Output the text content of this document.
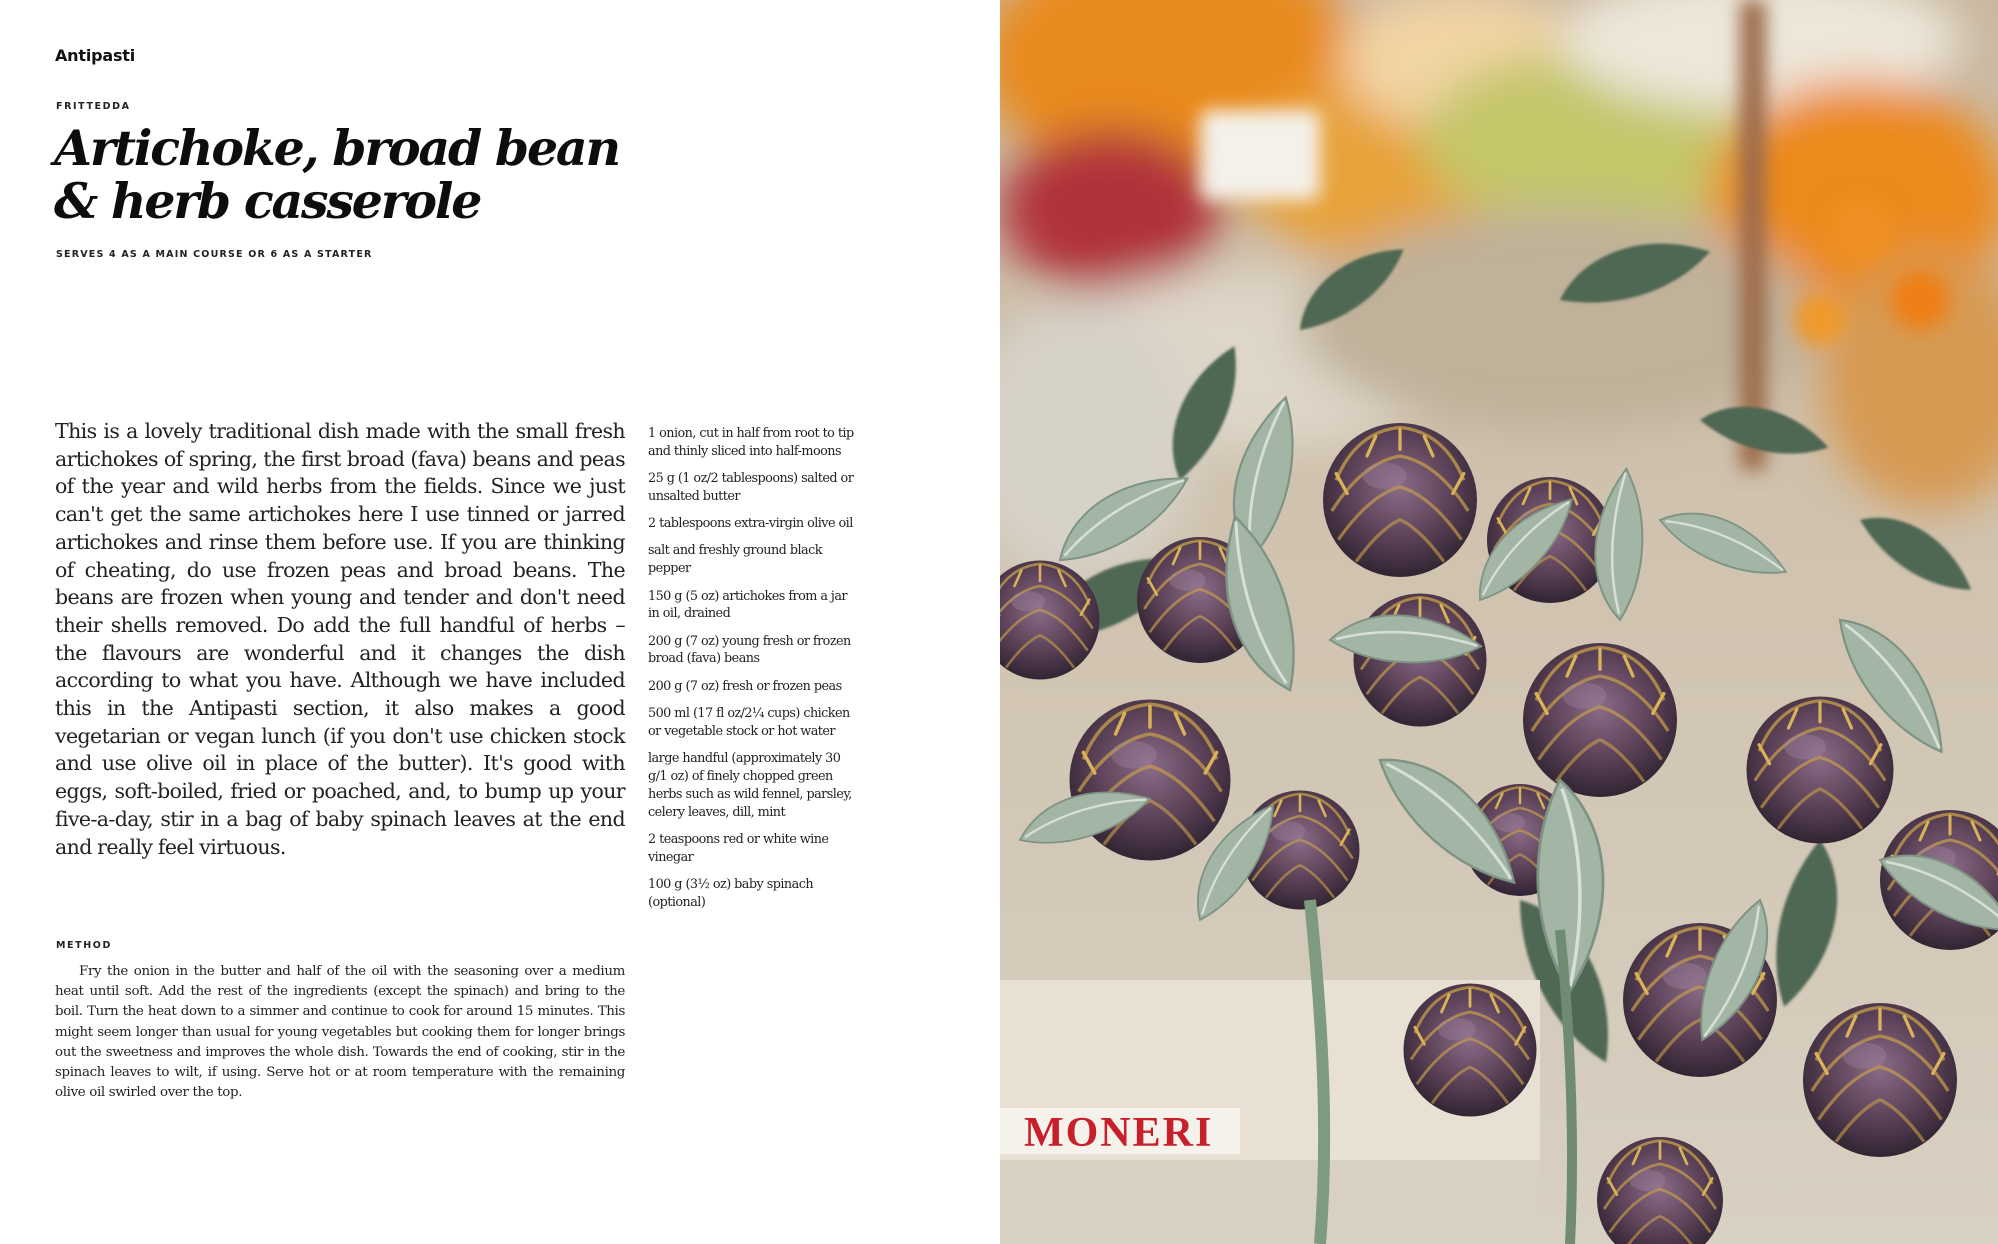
Antipasti
FRITTEDDA
Artichoke, broad bean
& herb casserole
SERVES 4 AS A MAIN COURSE OR 6 AS A STARTER

This is a lovely traditional dish made with the small fresh artichokes of spring, the first broad (fava) beans and peas of the year and wild herbs from the fields. Since we just can't get the same artichokes here I use tinned or jarred artichokes and rinse them before use. If you are thinking of cheating, do use frozen peas and broad beans. The beans are frozen when young and tender and don't need their shells removed. Do add the full handful of herbs – the flavours are wonderful and it changes the dish according to what you have. Although we have included this in the Antipasti section, it also makes a good vegetarian or vegan lunch (if you don't use chicken stock and use olive oil in place of the butter). It's good with eggs, soft-boiled, fried or poached, and, to bump up your five-a-day, stir in a bag of baby spinach leaves at the end and really feel virtuous.

1 onion, cut in half from root to tip and thinly sliced into half-moons
25 g (1 oz/2 tablespoons) salted or unsalted butter
2 tablespoons extra-virgin olive oil
salt and freshly ground black pepper
150 g (5 oz) artichokes from a jar in oil, drained
200 g (7 oz) young fresh or frozen broad (fava) beans
200 g (7 oz) fresh or frozen peas
500 ml (17 fl oz/2¼ cups) chicken or vegetable stock or hot water
large handful (approximately 30 g/1 oz) of finely chopped green herbs such as wild fennel, parsley, celery leaves, dill, mint
2 teaspoons red or white wine vinegar
100 g (3½ oz) baby spinach (optional)
METHOD

Fry the onion in the butter and half of the oil with the seasoning over a medium heat until soft. Add the rest of the ingredients (except the spinach) and bring to the boil. Turn the heat down to a simmer and continue to cook for around 15 minutes. This might seem longer than usual for young vegetables but cooking them for longer brings out the sweetness and improves the whole dish. Towards the end of cooking, stir in the spinach leaves to wilt, if using. Serve hot or at room temperature with the remaining olive oil swirled over the top.

MONERI
